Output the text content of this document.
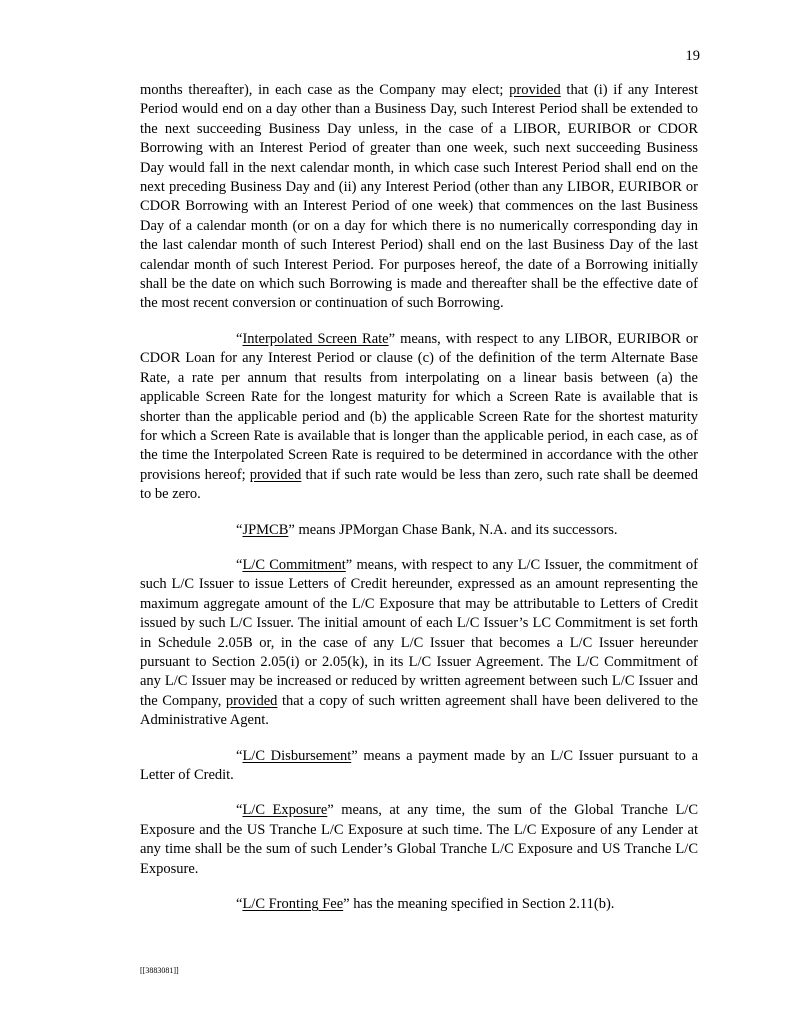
19

months thereafter), in each case as the Company may elect; provided that (i) if any Interest Period would end on a day other than a Business Day, such Interest Period shall be extended to the next succeeding Business Day unless, in the case of a LIBOR, EURIBOR or CDOR Borrowing with an Interest Period of greater than one week, such next succeeding Business Day would fall in the next calendar month, in which case such Interest Period shall end on the next preceding Business Day and (ii) any Interest Period (other than any LIBOR, EURIBOR or CDOR Borrowing with an Interest Period of one week) that commences on the last Business Day of a calendar month (or on a day for which there is no numerically corresponding day in the last calendar month of such Interest Period) shall end on the last Business Day of the last calendar month of such Interest Period. For purposes hereof, the date of a Borrowing initially shall be the date on which such Borrowing is made and thereafter shall be the effective date of the most recent conversion or continuation of such Borrowing.

“Interpolated Screen Rate” means, with respect to any LIBOR, EURIBOR or CDOR Loan for any Interest Period or clause (c) of the definition of the term Alternate Base Rate, a rate per annum that results from interpolating on a linear basis between (a) the applicable Screen Rate for the longest maturity for which a Screen Rate is available that is shorter than the applicable period and (b) the applicable Screen Rate for the shortest maturity for which a Screen Rate is available that is longer than the applicable period, in each case, as of the time the Interpolated Screen Rate is required to be determined in accordance with the other provisions hereof; provided that if such rate would be less than zero, such rate shall be deemed to be zero.

“JPMCB” means JPMorgan Chase Bank, N.A. and its successors.

“L/C Commitment” means, with respect to any L/C Issuer, the commitment of such L/C Issuer to issue Letters of Credit hereunder, expressed as an amount representing the maximum aggregate amount of the L/C Exposure that may be attributable to Letters of Credit issued by such L/C Issuer. The initial amount of each L/C Issuer’s LC Commitment is set forth in Schedule 2.05B or, in the case of any L/C Issuer that becomes a L/C Issuer hereunder pursuant to Section 2.05(i) or 2.05(k), in its L/C Issuer Agreement. The L/C Commitment of any L/C Issuer may be increased or reduced by written agreement between such L/C Issuer and the Company, provided that a copy of such written agreement shall have been delivered to the Administrative Agent.

“L/C Disbursement” means a payment made by an L/C Issuer pursuant to a Letter of Credit.

“L/C Exposure” means, at any time, the sum of the Global Tranche L/C Exposure and the US Tranche L/C Exposure at such time. The L/C Exposure of any Lender at any time shall be the sum of such Lender’s Global Tranche L/C Exposure and US Tranche L/C Exposure.

“L/C Fronting Fee” has the meaning specified in Section 2.11(b).

[[3883081]]
